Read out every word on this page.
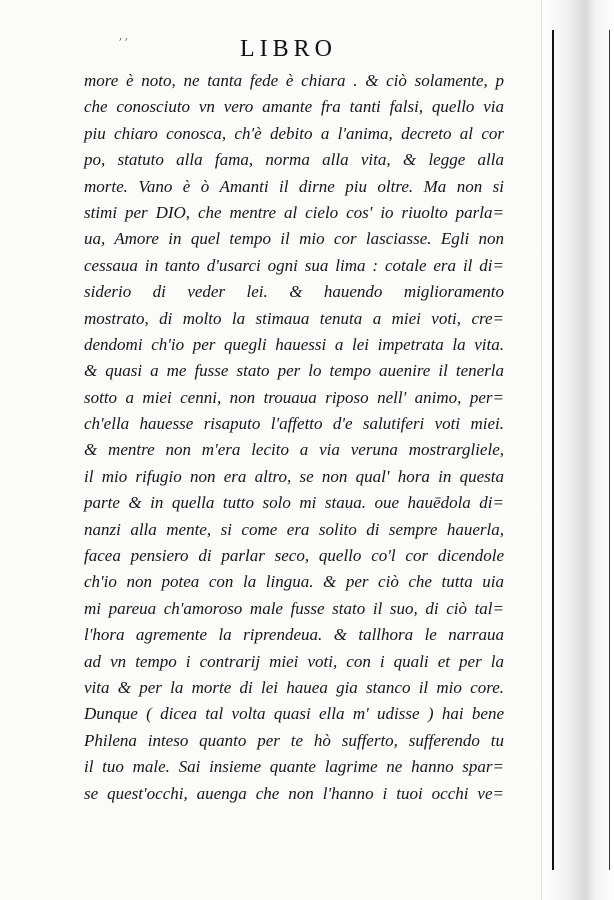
ʼʼ	LIBRO
more è noto, ne tanta fede è chiara . & ciò solamente, p
che conosciuto vn vero amante fra tanti falsi, quello via
piu chiaro conosca, ch'è debito a l'anima, decreto al cor
po, statuto alla fama, norma alla vita, & legge alla
morte. Vano è ò Amanti il dirne piu oltre. Ma non si
stimi per DIO, che mentre al cielo cos' io riuolto parla=
ua, Amore in quel tempo il mio cor lasciasse. Egli non
cessaua in tanto d'usarci ogni sua lima : cotale era il di=
siderio di veder lei. & hauendo miglioramento
mostrato, di molto la stimaua tenuta a miei voti, cre=
dendomi ch'io per quegli hauessi a lei impetrata la vita.
& quasi a me fusse stato per lo tempo auenire il tenerla
sotto a miei cenni, non trouaua riposo nell' animo, per=
ch'ella hauesse risaputo l'affetto d'e salutiferi voti miei.
& mentre non m'era lecito a via veruna mostrargliele,
il mio rifugio non era altro, se non qual' hora in questa
parte & in quella tutto solo mi staua. oue hauēdola di=
nanzi alla mente, si come era solito di sempre hauerla,
facea pensiero di parlar seco, quello co'l cor dicendole
ch'io non potea con la lingua. & per ciò che tutta uia
mi pareua ch'amoroso male fusse stato il suo, di ciò tal=
l'hora agremente la riprendeua. & tallhora le narraua
ad vn tempo i contrarij miei voti, con i quali et per la
vita & per la morte di lei hauea gia stanco il mio core.
Dunque ( dicea tal volta quasi ella m' udisse ) hai bene
Philena inteso quanto per te hò sufferto, sufferendo tu
il tuo male. Sai insieme quante lagrime ne hanno spar=
se quest'occhi, auenga che non l'hanno i tuoi occhi ve=
